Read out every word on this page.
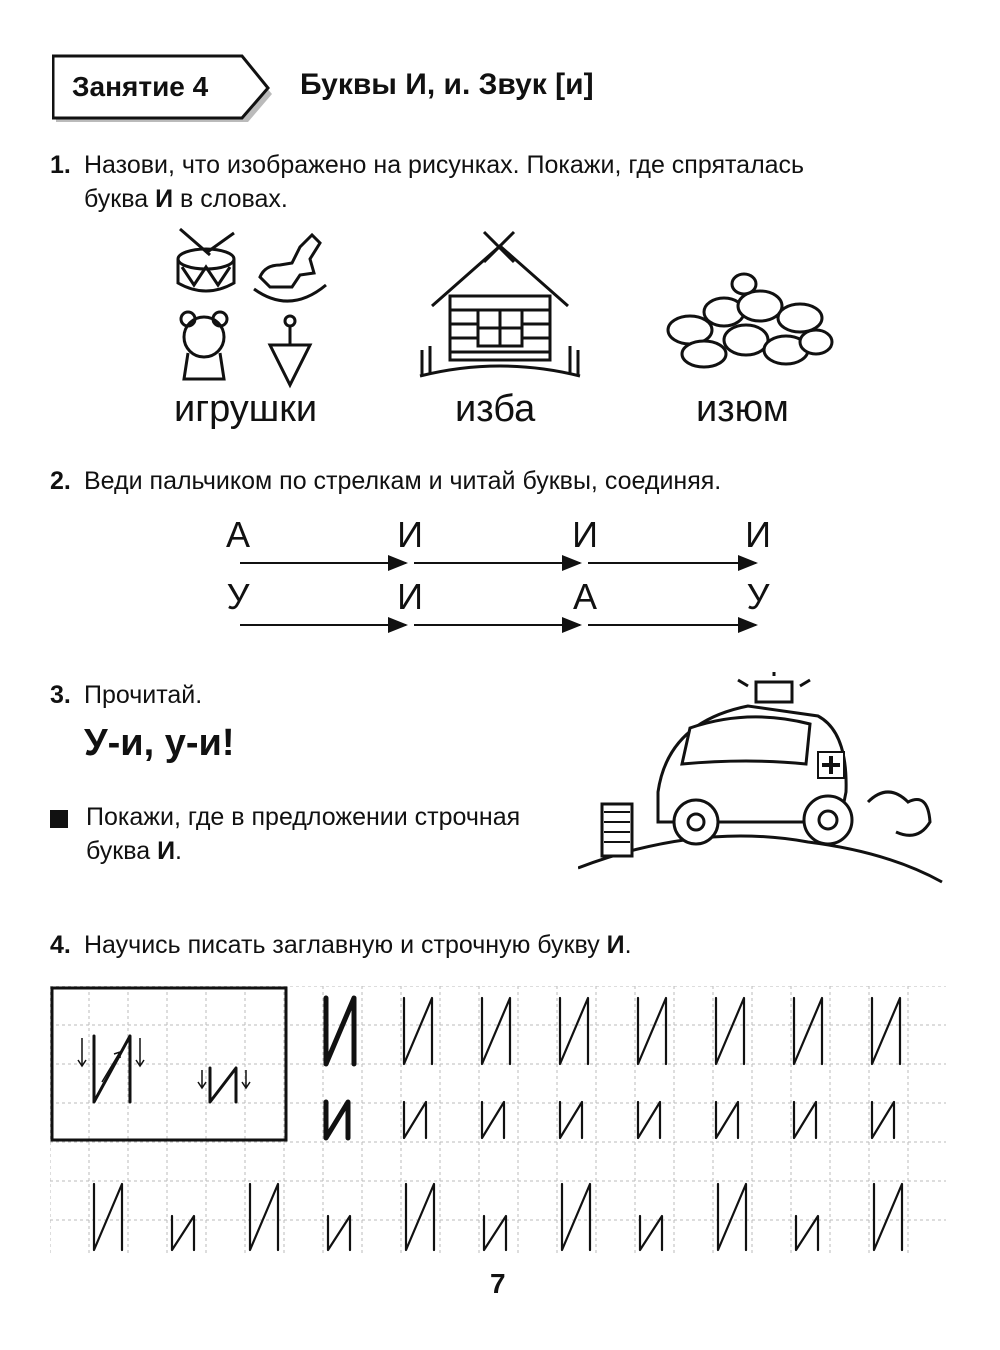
Занятие 4	Буквы И, и. Звук [и]
1. Назови, что изображено на рисунках. Покажи, где спряталась
буква И в словах.
игрушки	изба	изюм
2. Веди пальчиком по стрелкам и читай буквы, соединяя.
А	И	И	И
У	И	А	У
3. Прочитай.
У-и, у-и!
Покажи, где в предложении строчная
буква И.
4. Научись писать заглавную и строчную букву И.
7
